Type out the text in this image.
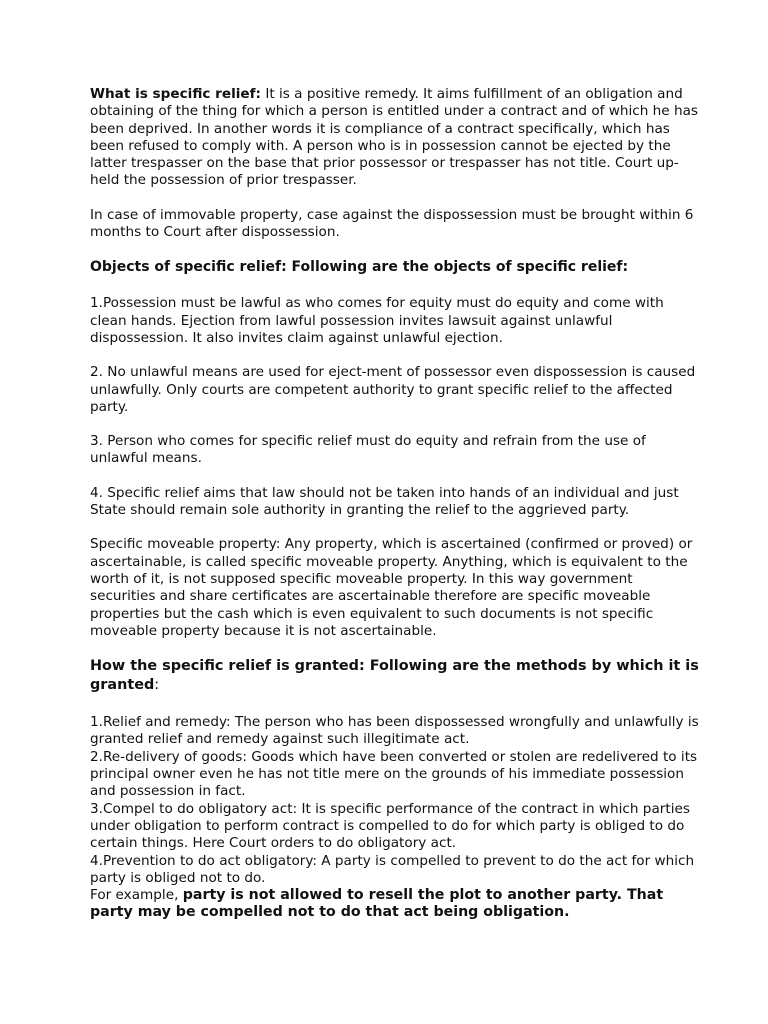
What is specific relief: It is a positive remedy. It aims fulfillment of an obligation and obtaining of the thing for which a person is entitled under a contract and of which he has been deprived. In another words it is compliance of a contract specifically, which has been refused to comply with. A person who is in possession cannot be ejected by the latter trespasser on the base that prior possessor or trespasser has not title. Court up-held the possession of prior trespasser.

In case of immovable property, case against the dispossession must be brought within 6 months to Court after dispossession.

Objects of specific relief: Following are the objects of specific relief:

1.Possession must be lawful as who comes for equity must do equity and come with clean hands. Ejection from lawful possession invites lawsuit against unlawful dispossession. It also invites claim against unlawful ejection.

2. No unlawful means are used for eject-ment of possessor even dispossession is caused unlawfully. Only courts are competent authority to grant specific relief to the affected party.

3. Person who comes for specific relief must do equity and refrain from the use of unlawful means.

4. Specific relief aims that law should not be taken into hands of an individual and just State should remain sole authority in granting the relief to the aggrieved party.

Specific moveable property: Any property, which is ascertained (confirmed or proved) or ascertainable, is called specific moveable property. Anything, which is equivalent to the worth of it, is not supposed specific moveable property. In this way government securities and share certificates are ascertainable therefore are specific moveable properties but the cash which is even equivalent to such documents is not specific moveable property because it is not ascertainable.

How the specific relief is granted: Following are the methods by which it is granted:

1.Relief and remedy: The person who has been dispossessed wrongfully and unlawfully is granted relief and remedy against such illegitimate act.

2.Re-delivery of goods: Goods which have been converted or stolen are redelivered to its principal owner even he has not title mere on the grounds of his immediate possession and possession in fact.

3.Compel to do obligatory act: It is specific performance of the contract in which parties under obligation to perform contract is compelled to do for which party is obliged to do certain things. Here Court orders to do obligatory act.

4.Prevention to do act obligatory: A party is compelled to prevent to do the act for which party is obliged not to do.

For example, party is not allowed to resell the plot to another party. That party may be compelled not to do that act being obligation.
